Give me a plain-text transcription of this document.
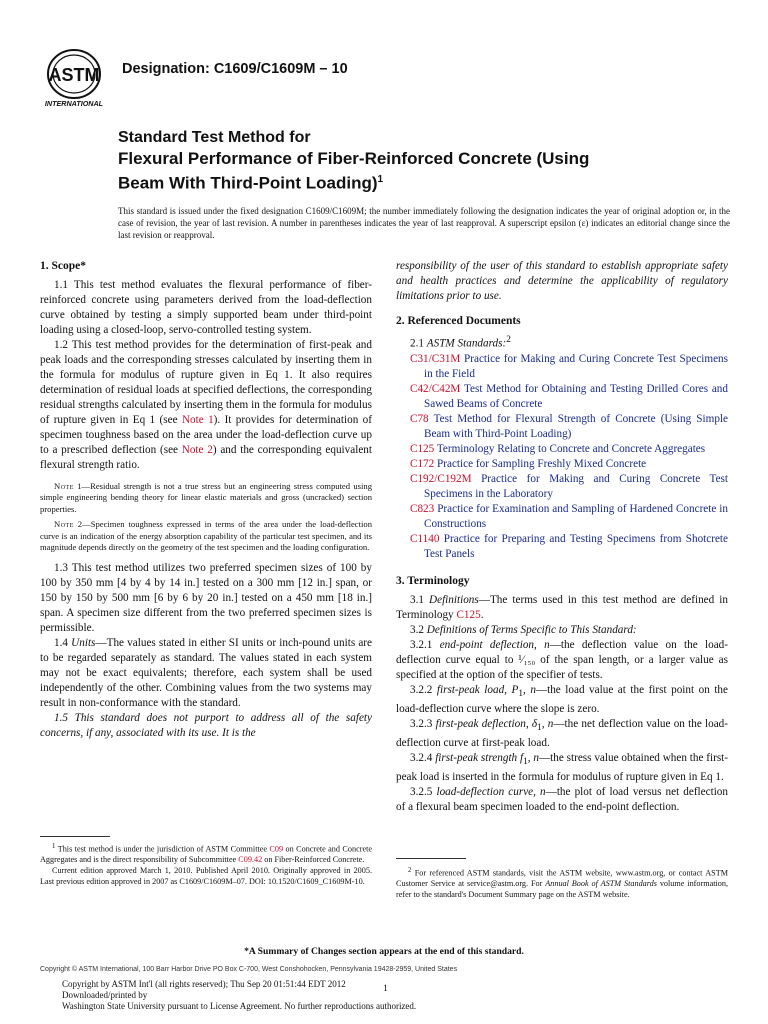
ASTM
INTERNATIONAL
Designation: C1609/C1609M – 10
Standard Test Method for
Flexural Performance of Fiber-Reinforced Concrete (Using
Beam With Third-Point Loading)$^1$
This standard is issued under the fixed designation C1609/C1609M; the number immediately following the designation indicates the year of original adoption or, in the case of revision, the year of last revision. A number in parentheses indicates the year of last reapproval. A superscript epsilon (ε) indicates an editorial change since the last revision or reapproval.

1. Scope*

1.1 This test method evaluates the flexural performance of fiber-reinforced concrete using parameters derived from the load-deflection curve obtained by testing a simply supported beam under third-point loading using a closed-loop, servo-controlled testing system.

1.2 This test method provides for the determination of first-peak and peak loads and the corresponding stresses calculated by inserting them in the formula for modulus of rupture given in Eq 1. It also requires determination of residual loads at specified deflections, the corresponding residual strengths calculated by inserting them in the formula for modulus of rupture given in Eq 1 (see Note 1). It provides for determination of specimen toughness based on the area under the load-deflection curve up to a prescribed deflection (see Note 2) and the corresponding equivalent flexural strength ratio.

Note 1—Residual strength is not a true stress but an engineering stress computed using simple engineering bending theory for linear elastic materials and gross (uncracked) section properties.

Note 2—Specimen toughness expressed in terms of the area under the load-deflection curve is an indication of the energy absorption capability of the particular test specimen, and its magnitude depends directly on the geometry of the test specimen and the loading configuration.

1.3 This test method utilizes two preferred specimen sizes of 100 by 100 by 350 mm [4 by 4 by 14 in.] tested on a 300 mm [12 in.] span, or 150 by 150 by 500 mm [6 by 6 by 20 in.] tested on a 450 mm [18 in.] span. A specimen size different from the two preferred specimen sizes is permissible.

1.4 Units—The values stated in either SI units or inch-pound units are to be regarded separately as standard. The values stated in each system may not be exact equivalents; therefore, each system shall be used independently of the other. Combining values from the two systems may result in non-conformance with the standard.

1.5 This standard does not purport to address all of the safety concerns, if any, associated with its use. It is the

responsibility of the user of this standard to establish appropriate safety and health practices and determine the applicability of regulatory limitations prior to use.

2. Referenced Documents

2.1 ASTM Standards:$^2$

C31/C31M Practice for Making and Curing Concrete Test Specimens in the Field

C42/C42M Test Method for Obtaining and Testing Drilled Cores and Sawed Beams of Concrete

C78 Test Method for Flexural Strength of Concrete (Using Simple Beam with Third-Point Loading)

C125 Terminology Relating to Concrete and Concrete Aggregates

C172 Practice for Sampling Freshly Mixed Concrete

C192/C192M Practice for Making and Curing Concrete Test Specimens in the Laboratory

C823 Practice for Examination and Sampling of Hardened Concrete in Constructions

C1140 Practice for Preparing and Testing Specimens from Shotcrete Test Panels

3. Terminology

3.1 Definitions—The terms used in this test method are defined in Terminology C125.

3.2 Definitions of Terms Specific to This Standard:

3.2.1 end-point deflection, n—the deflection value on the load-deflection curve equal to ¹⁄₁₅₀ of the span length, or a larger value as specified at the option of the specifier of tests.

3.2.2 first-peak load, $P_1$, n—the load value at the first point on the load-deflection curve where the slope is zero.

3.2.3 first-peak deflection, $\delta_1$, n—the net deflection value on the load-deflection curve at first-peak load.

3.2.4 first-peak strength $f_1$, n—the stress value obtained when the first-peak load is inserted in the formula for modulus of rupture given in Eq 1.

3.2.5 load-deflection curve, n—the plot of load versus net deflection of a flexural beam specimen loaded to the end-point deflection.

$^1$ This test method is under the jurisdiction of ASTM Committee C09 on Concrete and Concrete Aggregates and is the direct responsibility of Subcommittee C09.42 on Fiber-Reinforced Concrete.

Current edition approved March 1, 2010. Published April 2010. Originally approved in 2005. Last previous edition approved in 2007 as C1609/C1609M–07. DOI: 10.1520/C1609_C1609M-10.

$^2$ For referenced ASTM standards, visit the ASTM website, www.astm.org, or contact ASTM Customer Service at service@astm.org. For Annual Book of ASTM Standards volume information, refer to the standard's Document Summary page on the ASTM website.

*A Summary of Changes section appears at the end of this standard.
Copyright © ASTM International, 100 Barr Harbor Drive PO Box C-700, West Conshohocken, Pennsylvania 19428-2959, United States
Copyright by ASTM Int'l (all rights reserved); Thu Sep 20 01:51:44 EDT 2012
Downloaded/printed by
Washington State University pursuant to License Agreement. No further reproductions authorized.
1
